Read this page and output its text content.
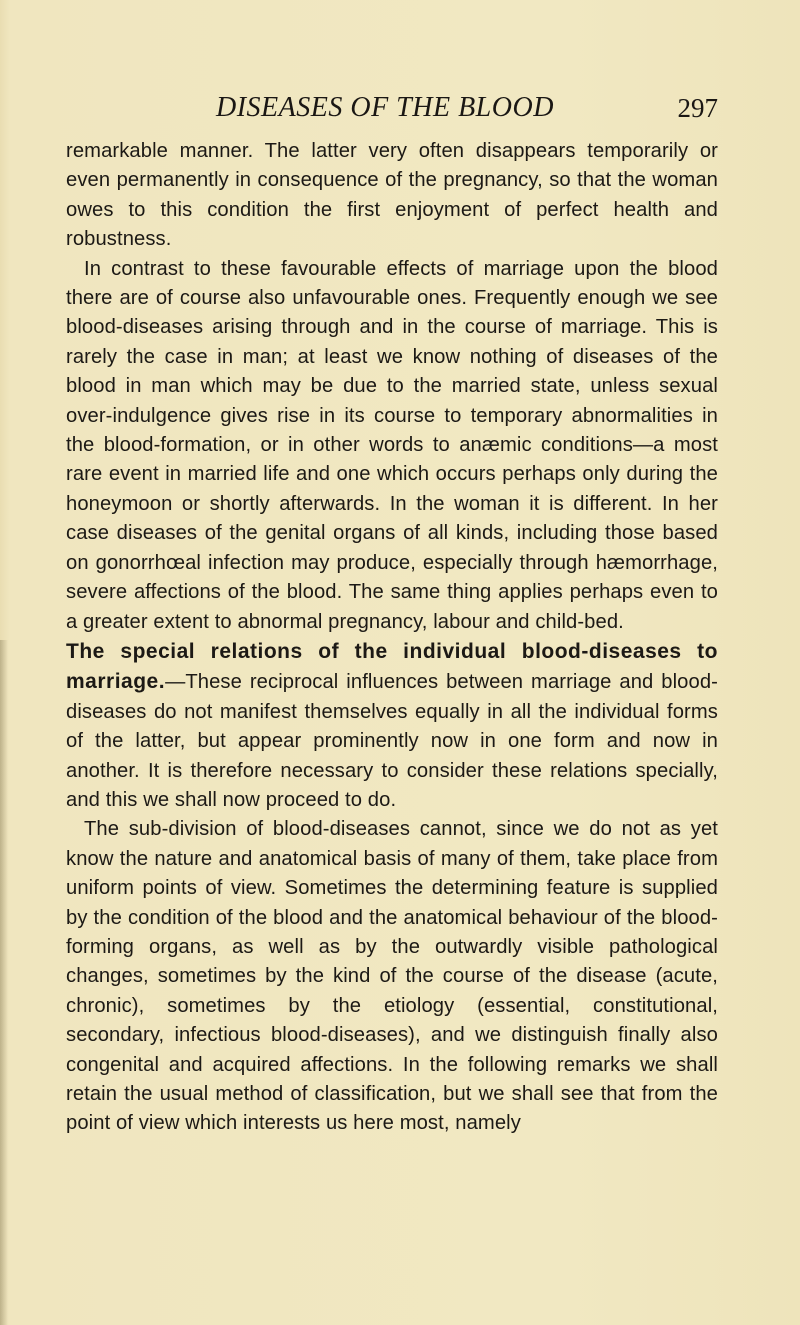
DISEASES OF THE BLOOD	297

remarkable manner. The latter very often disappears temporarily or even permanently in consequence of the pregnancy, so that the woman owes to this condition the first enjoyment of perfect health and robustness.

In contrast to these favourable effects of marriage upon the blood there are of course also unfavourable ones. Frequently enough we see blood-diseases arising through and in the course of marriage. This is rarely the case in man; at least we know nothing of diseases of the blood in man which may be due to the married state, unless sexual over-indulgence gives rise in its course to temporary abnormalities in the blood-formation, or in other words to anæmic conditions—a most rare event in married life and one which occurs perhaps only during the honeymoon or shortly afterwards. In the woman it is different. In her case diseases of the genital organs of all kinds, including those based on gonorrhœal infection may produce, especially through hæmorrhage, severe affections of the blood. The same thing applies perhaps even to a greater extent to abnormal pregnancy, labour and child-bed.

The special relations of the individual blood-diseases to marriage.—These reciprocal influences between marriage and blood-diseases do not manifest themselves equally in all the individual forms of the latter, but appear prominently now in one form and now in another. It is therefore necessary to consider these relations specially, and this we shall now proceed to do.

The sub-division of blood-diseases cannot, since we do not as yet know the nature and anatomical basis of many of them, take place from uniform points of view. Sometimes the determining feature is supplied by the condition of the blood and the anatomical behaviour of the blood-forming organs, as well as by the outwardly visible pathological changes, sometimes by the kind of the course of the disease (acute, chronic), sometimes by the etiology (essential, constitutional, secondary, infectious blood-diseases), and we distinguish finally also congenital and acquired affections. In the following remarks we shall retain the usual method of classification, but we shall see that from the point of view which interests us here most, namely
